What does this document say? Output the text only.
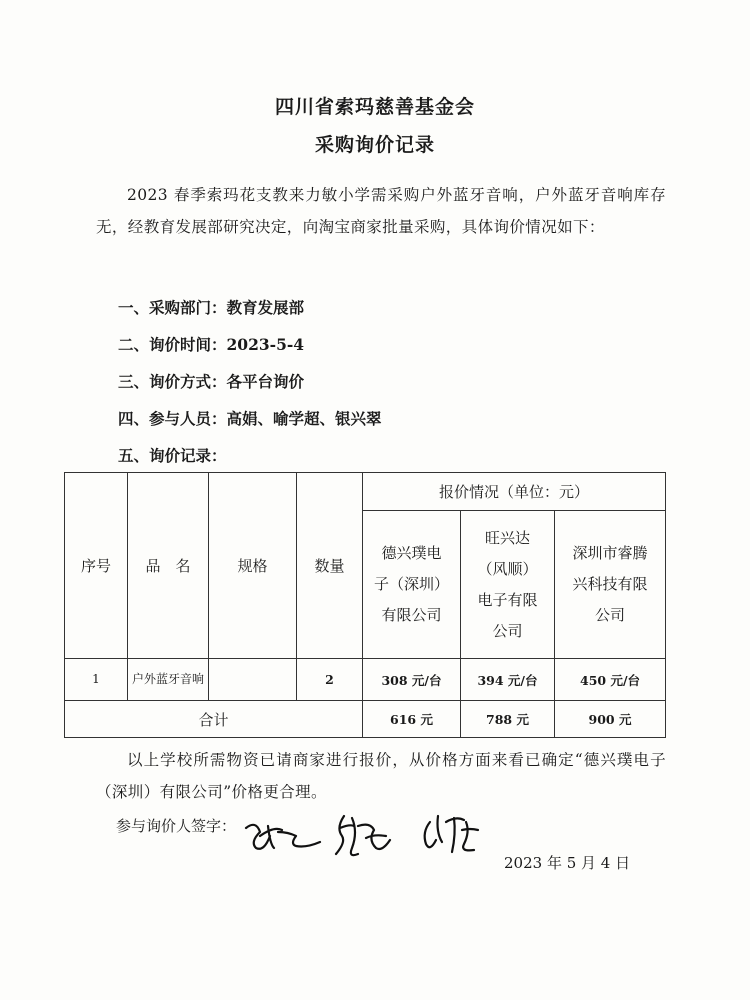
四川省索玛慈善基金会
采购询价记录
2023 春季索玛花支教来力敏小学需采购户外蓝牙音响，户外蓝牙音响库存无，经教育发展部研究决定，向淘宝商家批量采购，具体询价情况如下：
一、采购部门：教育发展部
二、询价时间：2023-5-4
三、询价方式：各平台询价
四、参与人员：高娟、喻学超、银兴翠
五、询价记录：
序号	品　名	规格	数量	报价情况（单位：元）		

				德兴璞电
子（深圳）
有限公司	旺兴达
（风顺）
电子有限
公司	深圳市睿腾
兴科技有限
公司

1	户外蓝牙音响		2	308 元/台	394 元/台	450 元/台
合计				616 元	788 元	900 元
以上学校所需物资已请商家进行报价，从价格方面来看已确定“德兴璞电子（深圳）有限公司”价格更合理。
参与询价人签字：
2023 年 5 月 4 日
